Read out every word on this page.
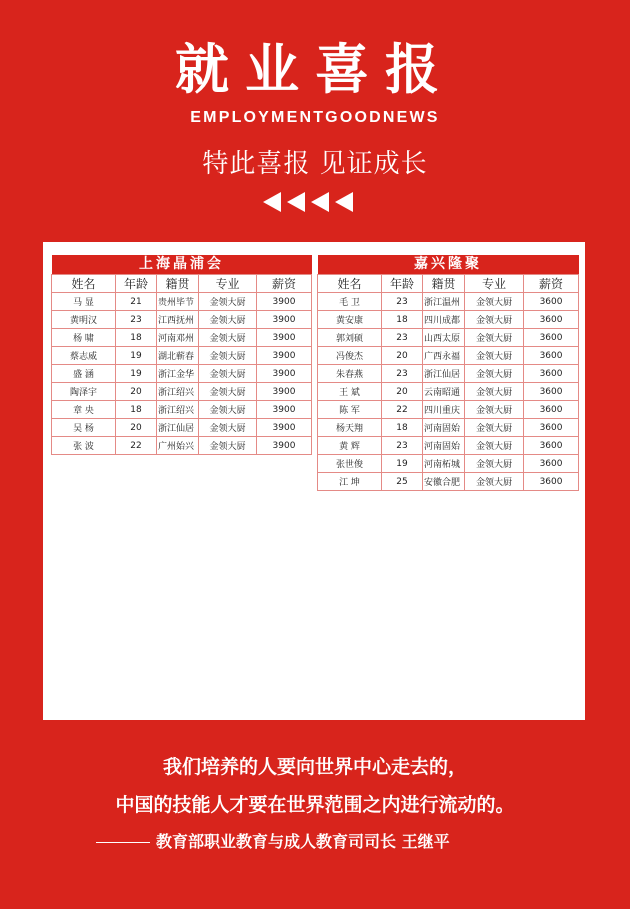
就业喜报
EMPLOYMENTGOODNEWS
特此喜报 见证成长
上海晶浦会				
姓名	年龄	籍贯	专业	薪资
马 显	21	贵州毕节	金领大厨	3900
黄明汉	23	江西抚州	金领大厨	3900
杨 啸	18	河南邓州	金领大厨	3900
蔡志威	19	湖北蕲春	金领大厨	3900
盛 涵	19	浙江金华	金领大厨	3900
陶泽宇	20	浙江绍兴	金领大厨	3900
章 央	18	浙江绍兴	金领大厨	3900
吴 杨	20	浙江仙居	金领大厨	3900
张 波	22	广州始兴	金领大厨	3900
嘉兴隆聚				
姓名	年龄	籍贯	专业	薪资
毛 卫	23	浙江温州	金领大厨	3600
黄安康	18	四川成都	金领大厨	3600
郭刘硕	23	山西太原	金领大厨	3600
冯俊杰	20	广西永福	金领大厨	3600
朱春燕	23	浙江仙居	金领大厨	3600
王 斌	20	云南昭通	金领大厨	3600
陈 军	22	四川重庆	金领大厨	3600
杨天翔	18	河南固始	金领大厨	3600
黄 辉	23	河南固始	金领大厨	3600
张世俊	19	河南柘城	金领大厨	3600
江 坤	25	安徽合肥	金领大厨	3600
我们培养的人要向世界中心走去的，
中国的技能人才要在世界范围之内进行流动的。
教育部职业教育与成人教育司司长 王继平
